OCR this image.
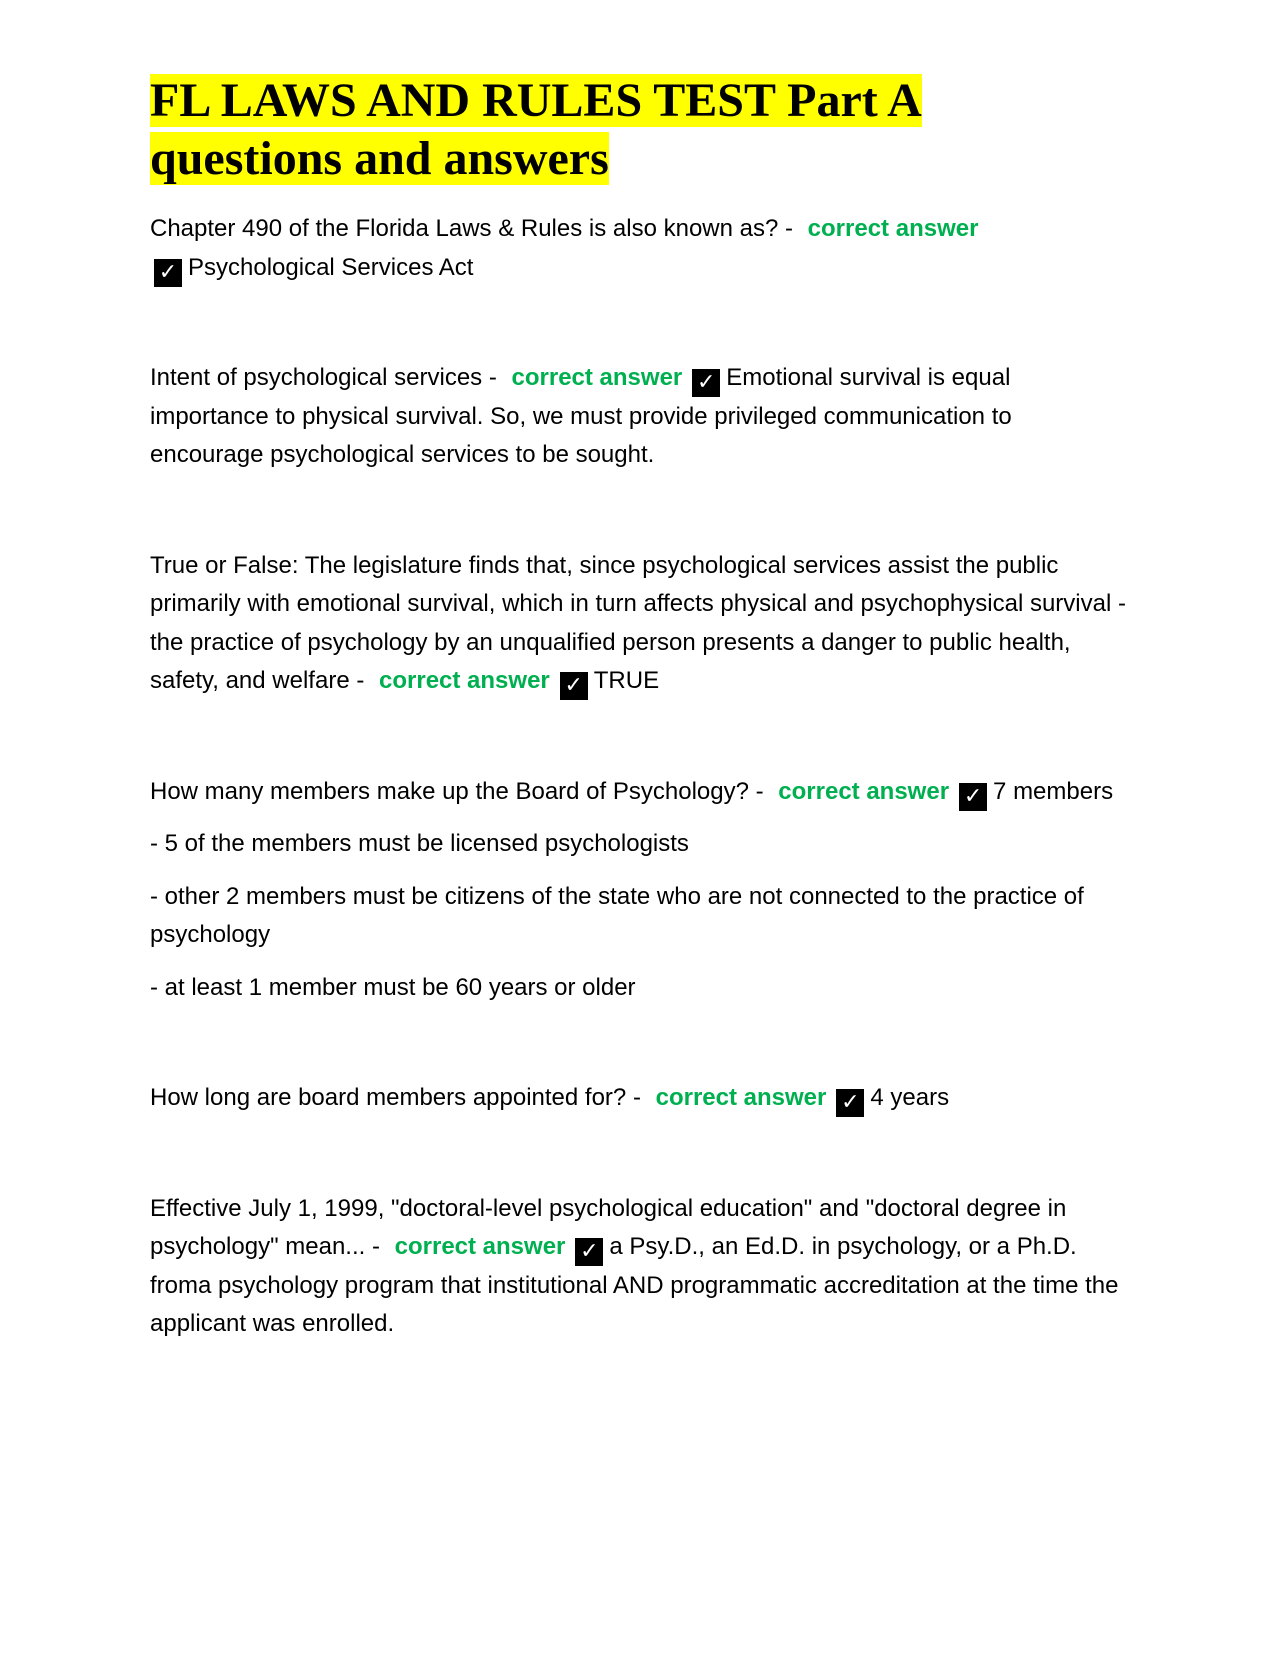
FL LAWS AND RULES TEST Part A
questions and answers

Chapter 490 of the Florida Laws & Rules is also known as? - correct answer
✓ Psychological Services Act

Intent of psychological services - correct answer ✓ Emotional survival is equal importance to physical survival. So, we must provide privileged communication to encourage psychological services to be sought.

True or False: The legislature finds that, since psychological services assist the public primarily with emotional survival, which in turn affects physical and psychophysical survival - the practice of psychology by an unqualified person presents a danger to public health, safety, and welfare - correct answer ✓ TRUE

How many members make up the Board of Psychology? - correct answer ✓ 7 members

- 5 of the members must be licensed psychologists

- other 2 members must be citizens of the state who are not connected to the practice of psychology

- at least 1 member must be 60 years or older

How long are board members appointed for? - correct answer ✓ 4 years

Effective July 1, 1999, "doctoral-level psychological education" and "doctoral degree in psychology" mean... - correct answer ✓ a Psy.D., an Ed.D. in psychology, or a Ph.D. froma psychology program that institutional AND programmatic accreditation at the time the applicant was enrolled.
